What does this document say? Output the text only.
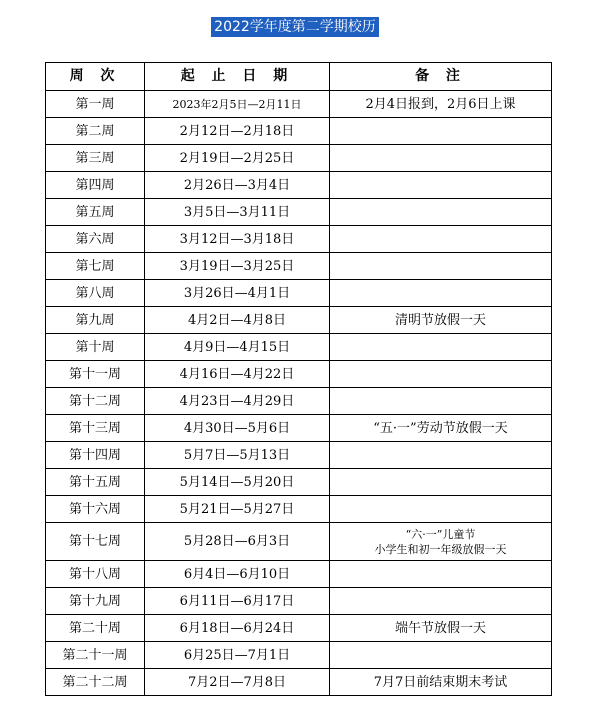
2022学年度第二学期校历
周 次	起 止 日 期	备 注
第一周	2023年2月5日—2月11日	2月4日报到，2月6日上课
第二周	2月12日—2月18日	
第三周	2月19日—2月25日	
第四周	2月26日—3月4日	
第五周	3月5日—3月11日	
第六周	3月12日—3月18日	
第七周	3月19日—3月25日	
第八周	3月26日—4月1日	
第九周	4月2日—4月8日	清明节放假一天
第十周	4月9日—4月15日	
第十一周	4月16日—4月22日	
第十二周	4月23日—4月29日	
第十三周	4月30日—5月6日	“五·一”劳动节放假一天
第十四周	5月7日—5月13日	
第十五周	5月14日—5月20日	
第十六周	5月21日—5月27日	
第十七周	5月28日—6月3日	“六·一”儿童节
小学生和初一年级放假一天

第十八周	6月4日—6月10日	
第十九周	6月11日—6月17日	
第二十周	6月18日—6月24日	端午节放假一天
第二十一周	6月25日—7月1日	
第二十二周	7月2日—7月8日	7月7日前结束期末考试
